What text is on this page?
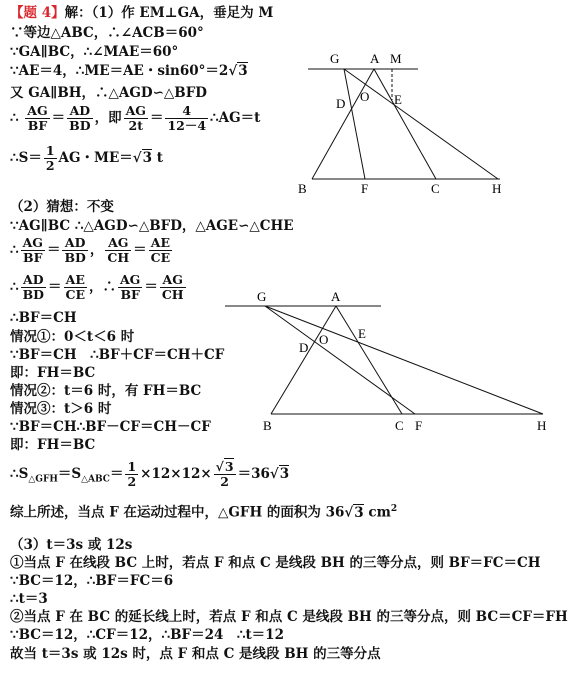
【题 4】解：（1）作 EM⊥GA，垂足为 M
∵等边△ABC，∴∠ACB＝60°
∵GA∥BC，∴∠MAE＝60°
∵AE＝4，∴ME＝AE・sin60°＝2√3
又 GA∥BH，∴△AGD∽△BFD
∴ $\frac{AG}{BF} = \frac{AD}{BD}$ ，即 $\frac{AG}{2t} = \frac{4}{12-4}$ ∴AG＝t
∴S＝ $\frac{1}{2}$ AG・ME＝√3 t
G A M
D O E
B	F	C	H
（2）猜想：不变
∵AG∥BC ∴△AGD∽△BFD，△AGE∽△CHE
∴ $\frac{AG}{BF} = \frac{AD}{BD}$ ， $\frac{AG}{CH} = \frac{AE}{CE}$
∴ $\frac{AD}{BD} = \frac{AE}{CE}$ ，∴ $\frac{AG}{BF} = \frac{AG}{CH}$
∴BF＝CH
情况①：0＜t＜6 时
∵BF＝CH　∴BF＋CF＝CH＋CF
即：FH＝BC
情况②：t＝6 时，有 FH＝BC
情况③：t＞6 时
∵BF＝CH∴BF－CF＝CH－CF
即：FH＝BC
$\therefore S_{\triangle GFH}=S_{\triangle ABC}= \frac{1}{2} \times 12\times 12\times \frac{√3}{2} =36√3$
综上所述，当点 F 在运动过程中，△GFH 的面积为 36√3 $cm^2$
G	A
E
D
O
B	C F	H
（3）t＝3s 或 12s
①当点 F 在线段 BC 上时，若点 F 和点 C 是线段 BH 的三等分点，则 BF＝FC＝CH
∵BC＝12，∴BF＝FC＝6
∴t＝3
②当点 F 在 BC 的延长线上时，若点 F 和点 C 是线段 BH 的三等分点，则 BC＝CF＝FH
∵BC＝12，∴CF＝12，∴BF＝24　∴t＝12
故当 t＝3s 或 12s 时，点 F 和点 C 是线段 BH 的三等分点
